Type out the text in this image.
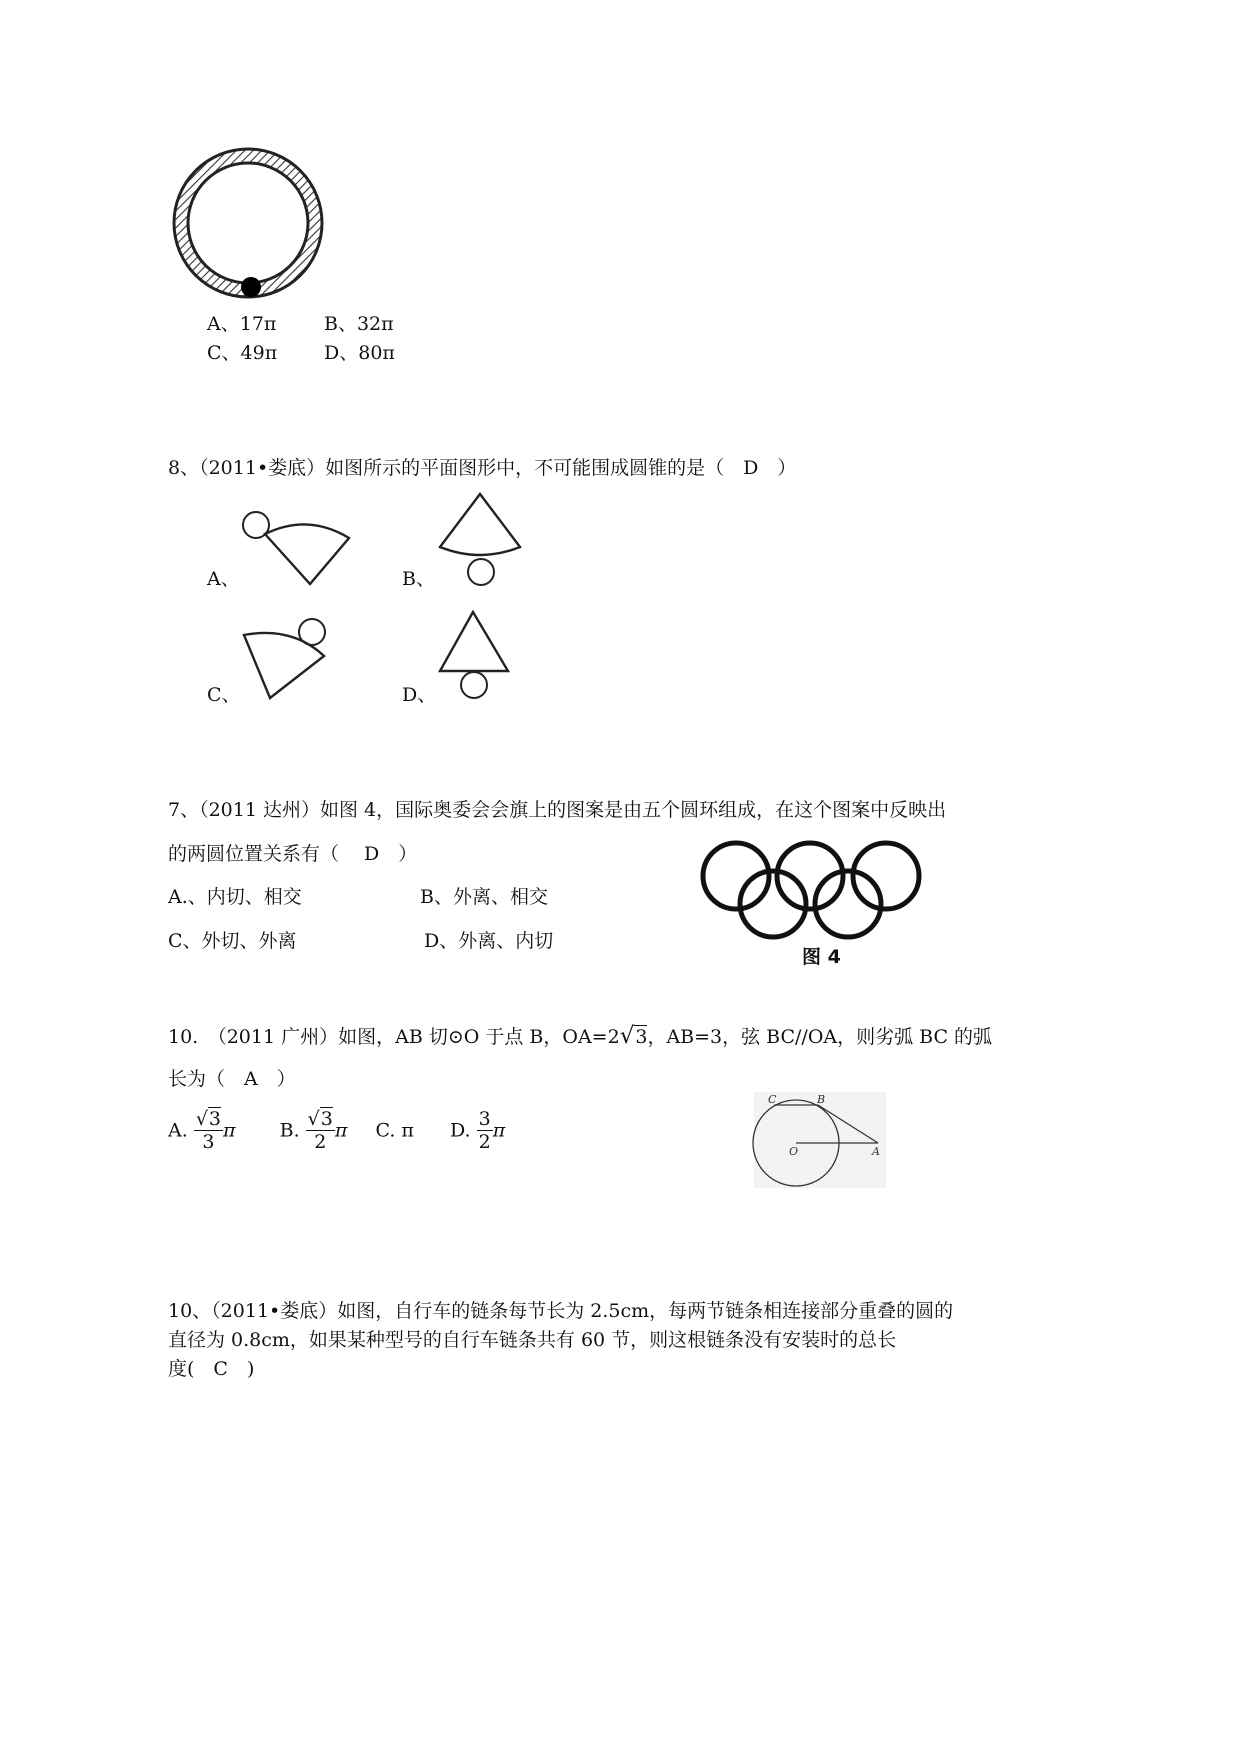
A、17π	B、32π
C、49π D、80π
8、（2011•娄底）如图所示的平面图形中，不可能围成圆锥的是（　D　）
A、	B、
C、	D、
7、（2011 达州）如图 4，国际奥委会会旗上的图案是由五个圆环组成，在这个图案中反映出
的两圆位置关系有（　 D　）
A.、内切、相交	B、外离、相交
C、外切、外离	D、外离、内切
图 4
10.　（2011 广州）如图，AB 切⊙O 于点 B，OA=2√3，AB=3，弦 BC//OA，则劣弧 BC 的弧
长为（　A　）
A. $\frac{√3}{3}$ π B. $\frac{√3}{2}$ π C. π D. $\frac{3}{2}$ π
C	B
O	A
10、（2011•娄底）如图，自行车的链条每节长为 2.5cm，每两节链条相连接部分重叠的圆的
直径为 0.8cm，如果某种型号的自行车链条共有 60 节，则这根链条没有安装时的总长
度(　C　)
